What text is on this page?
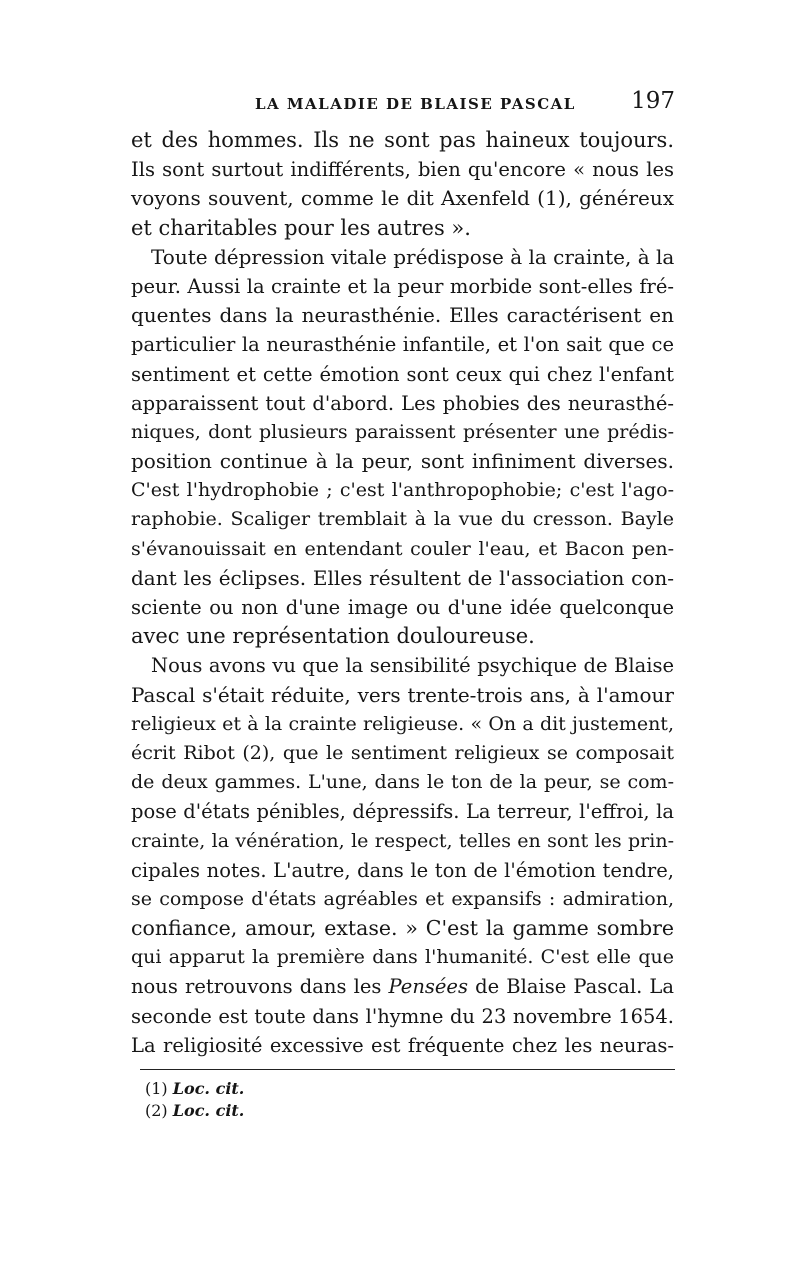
LA MALADIE DE BLAISE PASCAL 197
et des hommes. Ils ne sont pas haineux toujours.
Ils sont surtout indifférents, bien qu'encore « nous les
voyons souvent, comme le dit Axenfeld (1), généreux
et charitables pour les autres ».
Toute dépression vitale prédispose à la crainte, à la
peur. Aussi la crainte et la peur morbide sont-elles fré-
quentes dans la neurasthénie. Elles caractérisent en
particulier la neurasthénie infantile, et l'on sait que ce
sentiment et cette émotion sont ceux qui chez l'enfant
apparaissent tout d'abord. Les phobies des neurasthé-
niques, dont plusieurs paraissent présenter une prédis-
position continue à la peur, sont infiniment diverses.
C'est l'hydrophobie ; c'est l'anthropophobie; c'est l'ago-
raphobie. Scaliger tremblait à la vue du cresson. Bayle
s'évanouissait en entendant couler l'eau, et Bacon pen-
dant les éclipses. Elles résultent de l'association con-
sciente ou non d'une image ou d'une idée quelconque
avec une représentation douloureuse.
Nous avons vu que la sensibilité psychique de Blaise
Pascal s'était réduite, vers trente-trois ans, à l'amour
religieux et à la crainte religieuse. « On a dit justement,
écrit Ribot (2), que le sentiment religieux se composait
de deux gammes. L'une, dans le ton de la peur, se com-
pose d'états pénibles, dépressifs. La terreur, l'effroi, la
crainte, la vénération, le respect, telles en sont les prin-
cipales notes. L'autre, dans le ton de l'émotion tendre,
se compose d'états agréables et expansifs : admiration,
confiance, amour, extase. » C'est la gamme sombre
qui apparut la première dans l'humanité. C'est elle que
nous retrouvons dans les Pensées de Blaise Pascal. La
seconde est toute dans l'hymne du 23 novembre 1654.
La religiosité excessive est fréquente chez les neuras-
(1) Loc. cit.
(2) Loc. cit.
